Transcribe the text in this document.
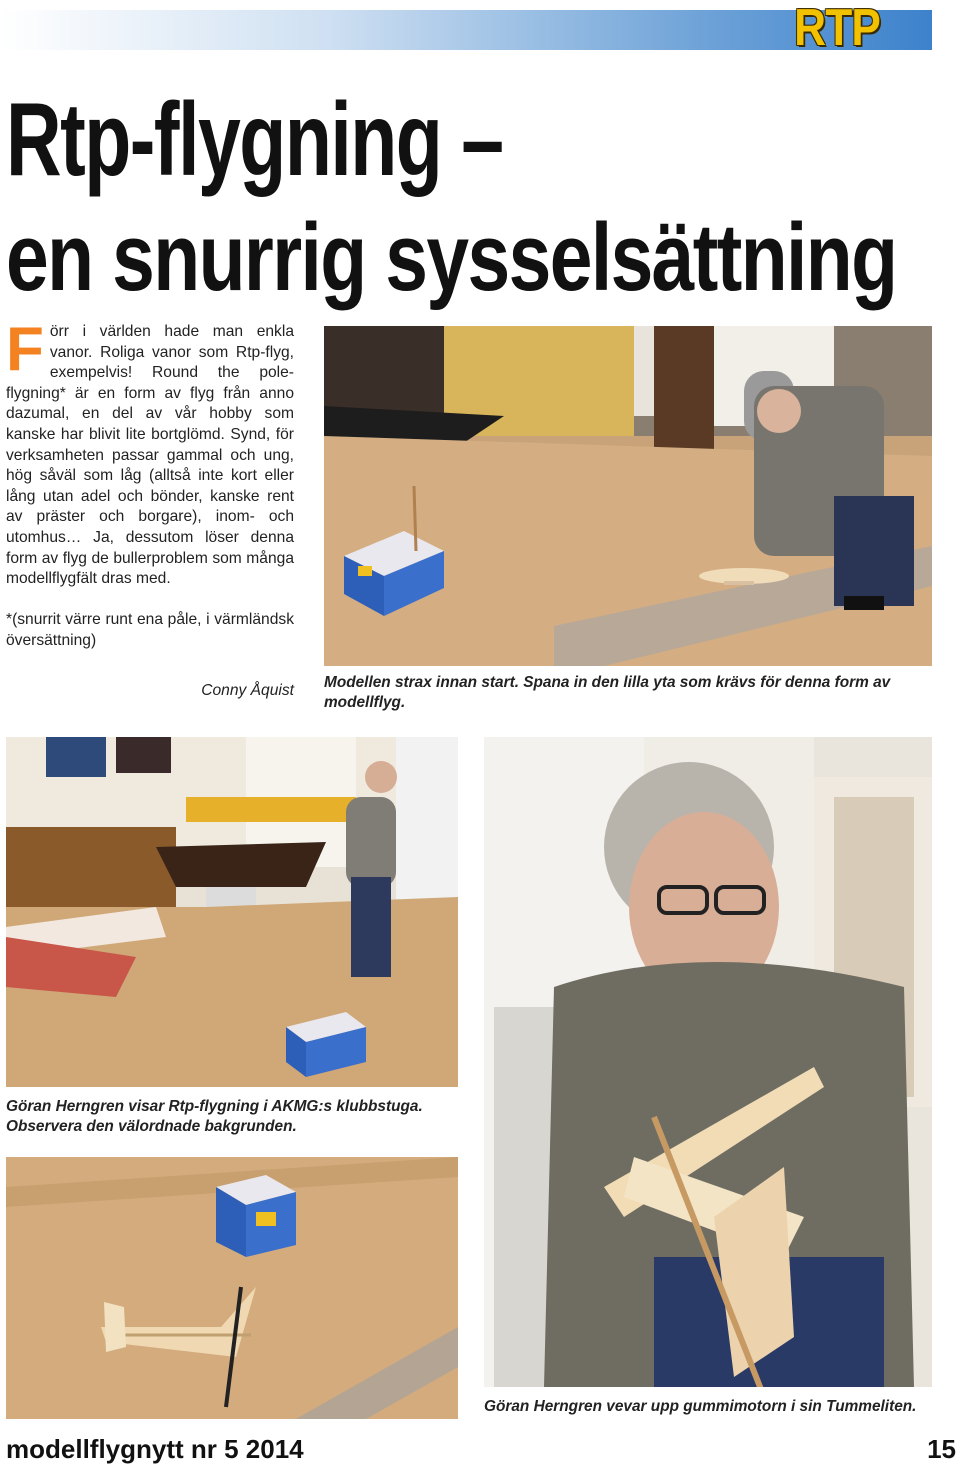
RTP
Rtp-flygning –
en snurrig sysselsättning
F örr i världen hade man enkla vanor. Roliga vanor som Rtp-flyg, exempelvis! Round the pole-flygning* är en form av flyg från anno dazumal, en del av vår hobby som kanske har blivit lite bortglömd. Synd, för verksamheten passar gammal och ung, hög såväl som låg (alltså inte kort eller lång utan adel och bönder, kanske rent av präster och borgare), inom- och utomhus… Ja, dessutom löser denna form av flyg de bullerproblem som många modellflygfält dras med.
*(snurrit värre runt ena påle, i värmländsk översättning)
Conny Åquist Modellen strax innan start. Spana in den lilla yta som krävs för denna form av modellflyg.
Göran Herngren visar Rtp-flygning i AKMG:s klubbstuga. Observera den välordnade bakgrunden.
Göran Herngren vevar upp gummimotorn i sin Tummeliten.
modellflygnytt nr 5 2014	15
